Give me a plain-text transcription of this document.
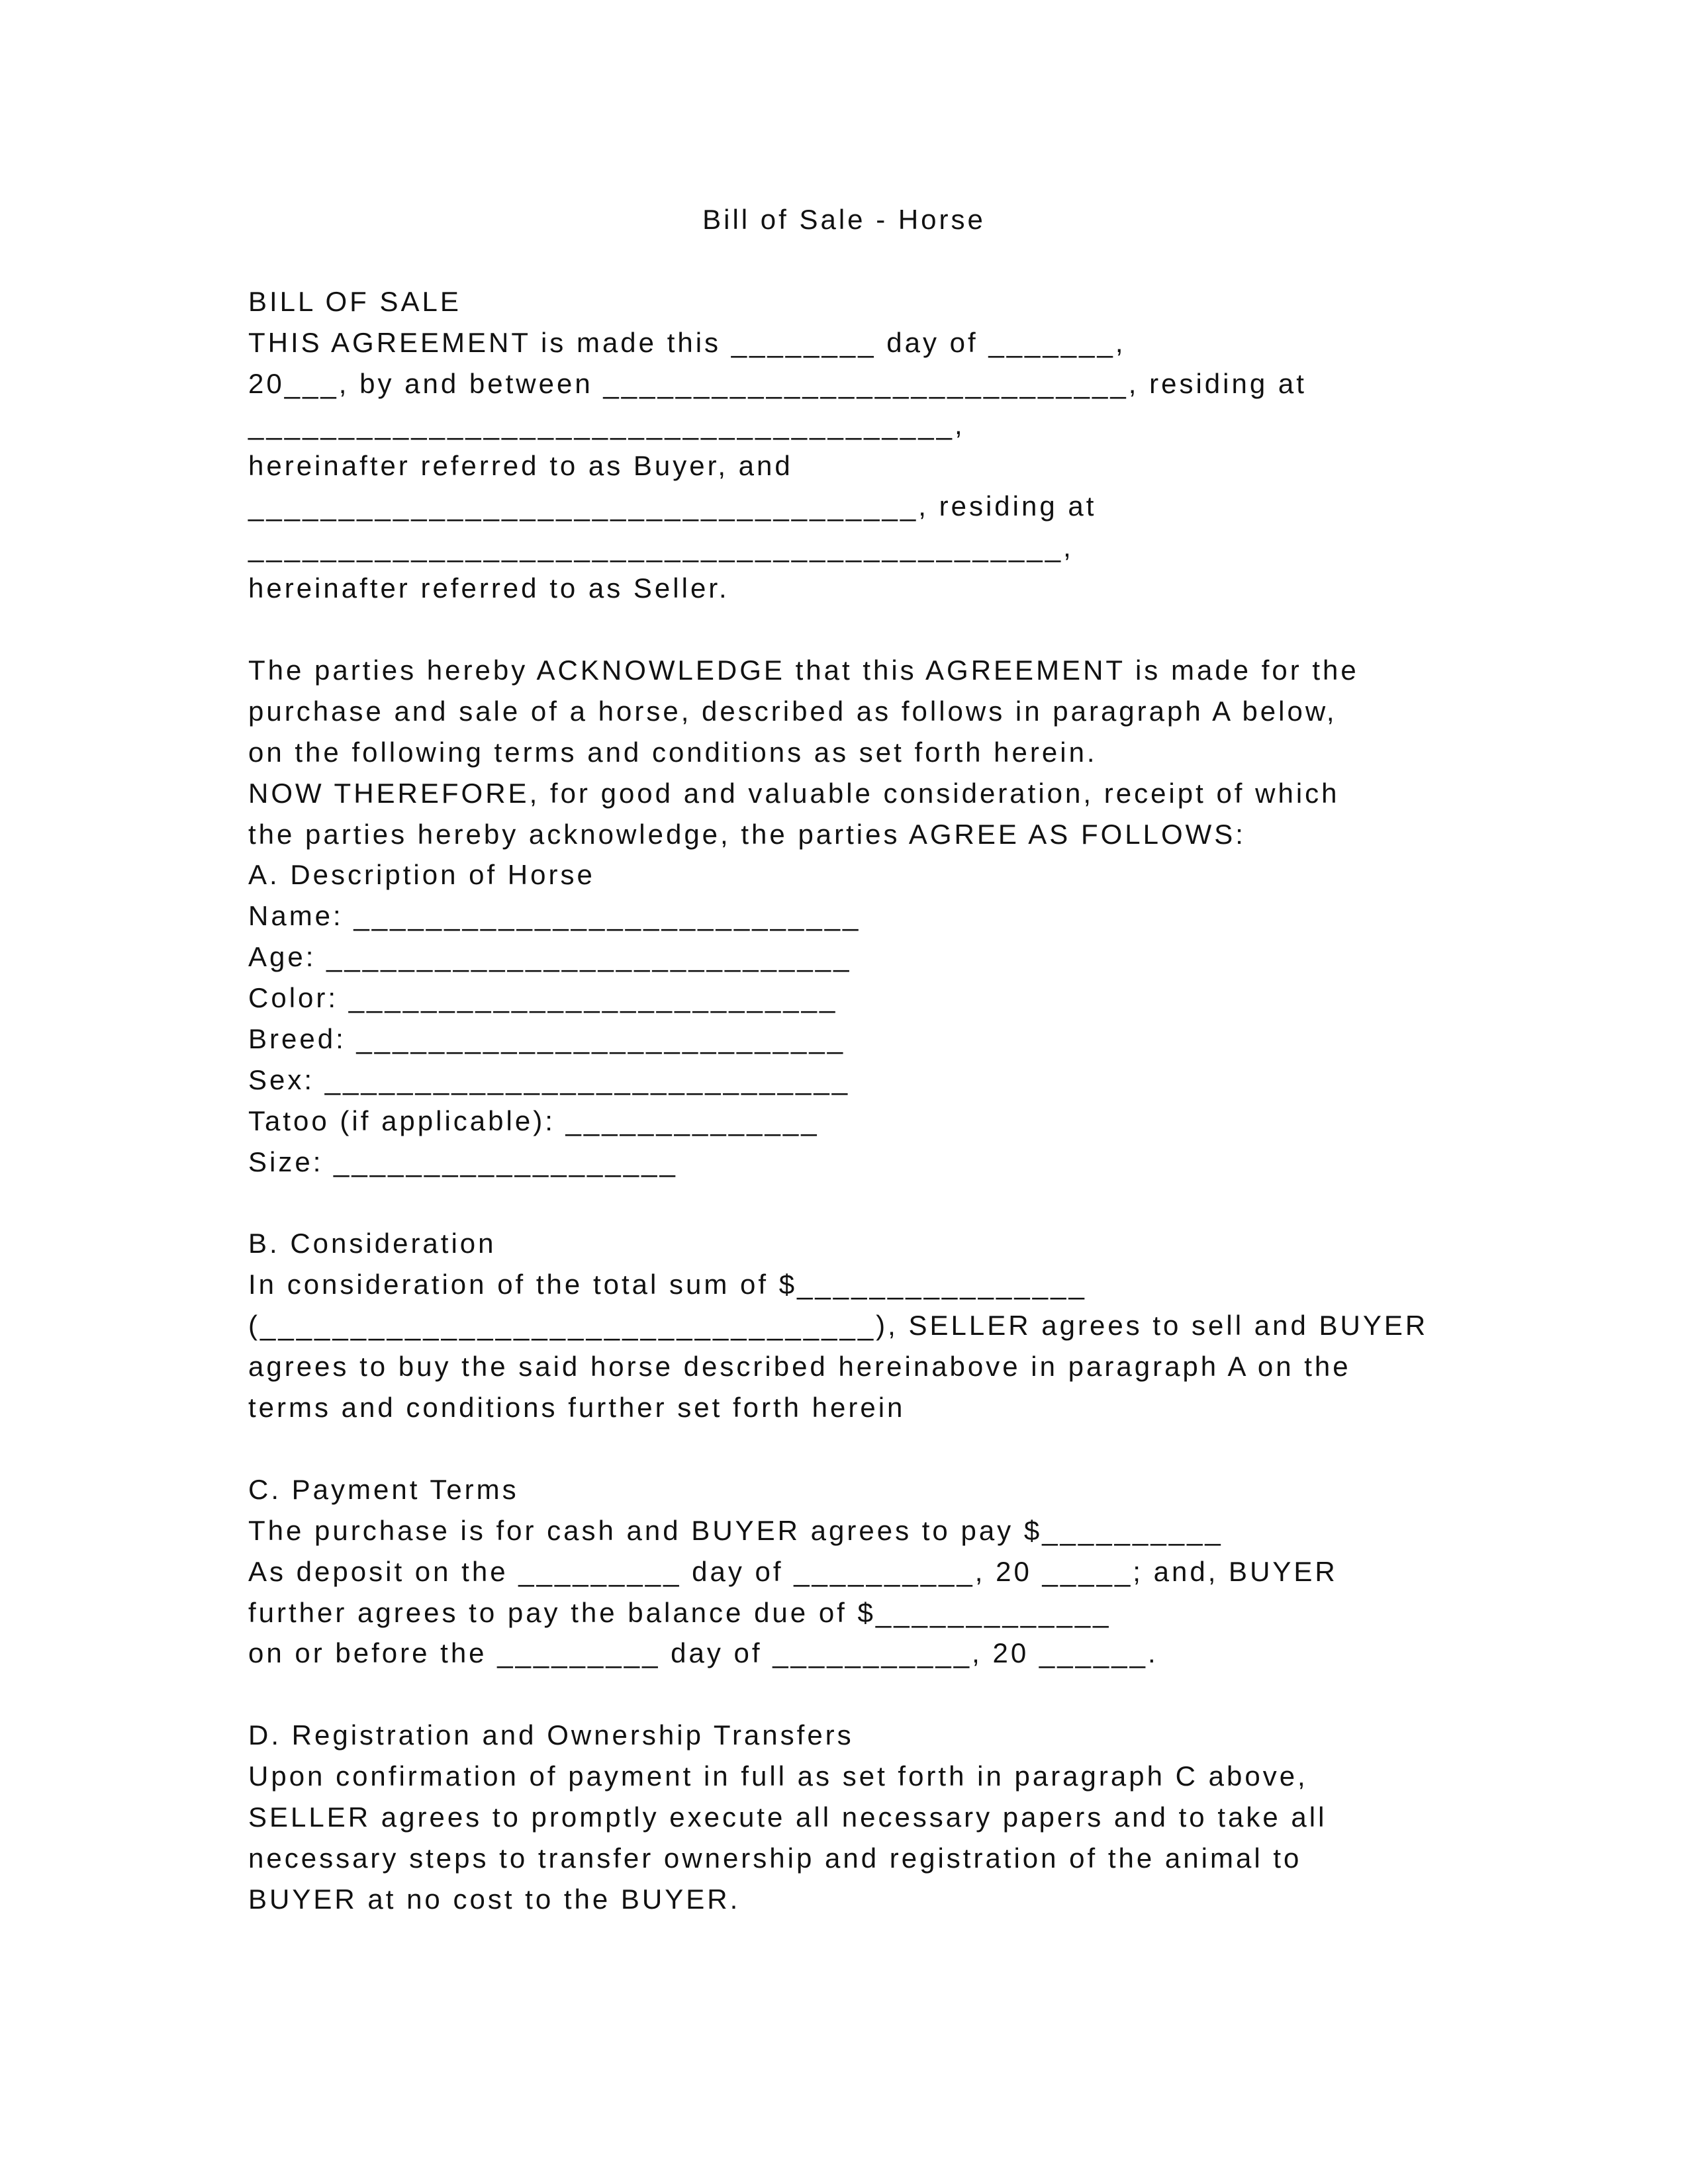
Bill of Sale - Horse
BILL OF SALE
THIS AGREEMENT is made this ________ day of _______,
20___, by and between _____________________________, residing at
_______________________________________,
hereinafter referred to as Buyer, and
_____________________________________, residing at
_____________________________________________,
hereinafter referred to as Seller.
The parties hereby ACKNOWLEDGE that this AGREEMENT is made for the
purchase and sale of a horse, described as follows in paragraph A below,
on the following terms and conditions as set forth herein.
NOW THEREFORE, for good and valuable consideration, receipt of which
the parties hereby acknowledge, the parties AGREE AS FOLLOWS:
A. Description of Horse
Name: ____________________________
Age: _____________________________
Color: ___________________________
Breed: ___________________________
Sex: _____________________________
Tatoo (if applicable): ______________
Size: ___________________
B. Consideration
In consideration of the total sum of $________________
(__________________________________), SELLER agrees to sell and BUYER
agrees to buy the said horse described hereinabove in paragraph A on the
terms and conditions further set forth herein
C. Payment Terms
The purchase is for cash and BUYER agrees to pay $__________
As deposit on the _________ day of __________, 20 _____; and, BUYER
further agrees to pay the balance due of $_____________
on or before the _________ day of ___________, 20 ______.
D. Registration and Ownership Transfers
Upon confirmation of payment in full as set forth in paragraph C above,
SELLER agrees to promptly execute all necessary papers and to take all
necessary steps to transfer ownership and registration of the animal to
BUYER at no cost to the BUYER.
